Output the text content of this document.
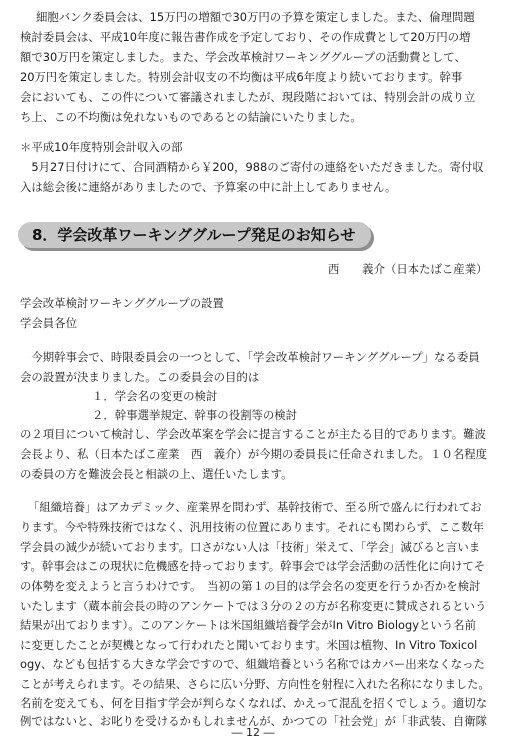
細胞バンク委員会は、15万円の増額で30万円の予算を策定しました。また、倫理問題
検討委員会は、平成10年度に報告書作成を予定しており、その作成費として20万円の増
額で30万円を策定しました。また、学会改革検討ワーキンググループの活動費として、
20万円を策定しました。特別会計収支の不均衡は平成6年度より続いております。幹事
会においても、この件について審議されましたが、現段階においては、特別会計の成り立
ち上、この不均衡は免れないものであるとの結論にいたりました。
＊平成10年度特別会計収入の部
　5月27日付けにて、合同酒精から￥200，988のご寄付の連絡をいただきました。寄付収
入は総会後に連絡がありましたので、予算案の中に計上してありません。
8．学会改革ワーキンググループ発足のお知らせ
西　　義介（日本たばこ産業）
学会改革検討ワーキンググループの設置
学会員各位
　今期幹事会で、時限委員会の一つとして、「学会改革検討ワーキンググループ」なる委員
会の設置が決まりました。この委員会の目的は
１．学会名の変更の検討
２．幹事選挙規定、幹事の役割等の検討
の２項目について検討し、学会改革案を学会に提言することが主たる目的であります。難波
会長より、私（日本たばこ産業　西　義介）が今期の委員長に任命されました。１０名程度
の委員の方を難波会長と相談の上、選任いたします。
「組織培養」はアカデミック、産業界を問わず、基幹技術で、至る所で盛んに行われてお
ります。今や特殊技術ではなく、汎用技術の位置にあります。それにも関わらず、ここ数年
学会員の減少が続いております。口さがない人は「技術」栄えて、「学会」滅びると言いま
す。幹事会はこの現状に危機感を持っております。幹事会では学会活動の活性化に向けてそ
の体勢を変えようと言うわけです。　当初の第１の目的は学会名の変更を行うか否かを検討
いたします（蔵本前会長の時のアンケートでは３分の２の方が名称変更に賛成されるという
結果が出ております）。このアンケートは米国組織培養学会がIn Vitro Biologyという名前
に変更したことが契機となって行われたと聞いております。米国は植物、In Vitro Toxicol
ogy、なども包括する大きな学会ですので、組織培養という名称ではカバー出来なくなった
ことが考えられます。その結果、さらに広い分野、方向性を射程に入れた名称になりました。
名前を変えても、何を目指す学会が判らなくなれば、かえって混乱を招くでしょう。適切な
例ではないと、お叱りを受けるかもしれませんが、かつての「社会党」が「非武装、自衛隊
― 12 ―
